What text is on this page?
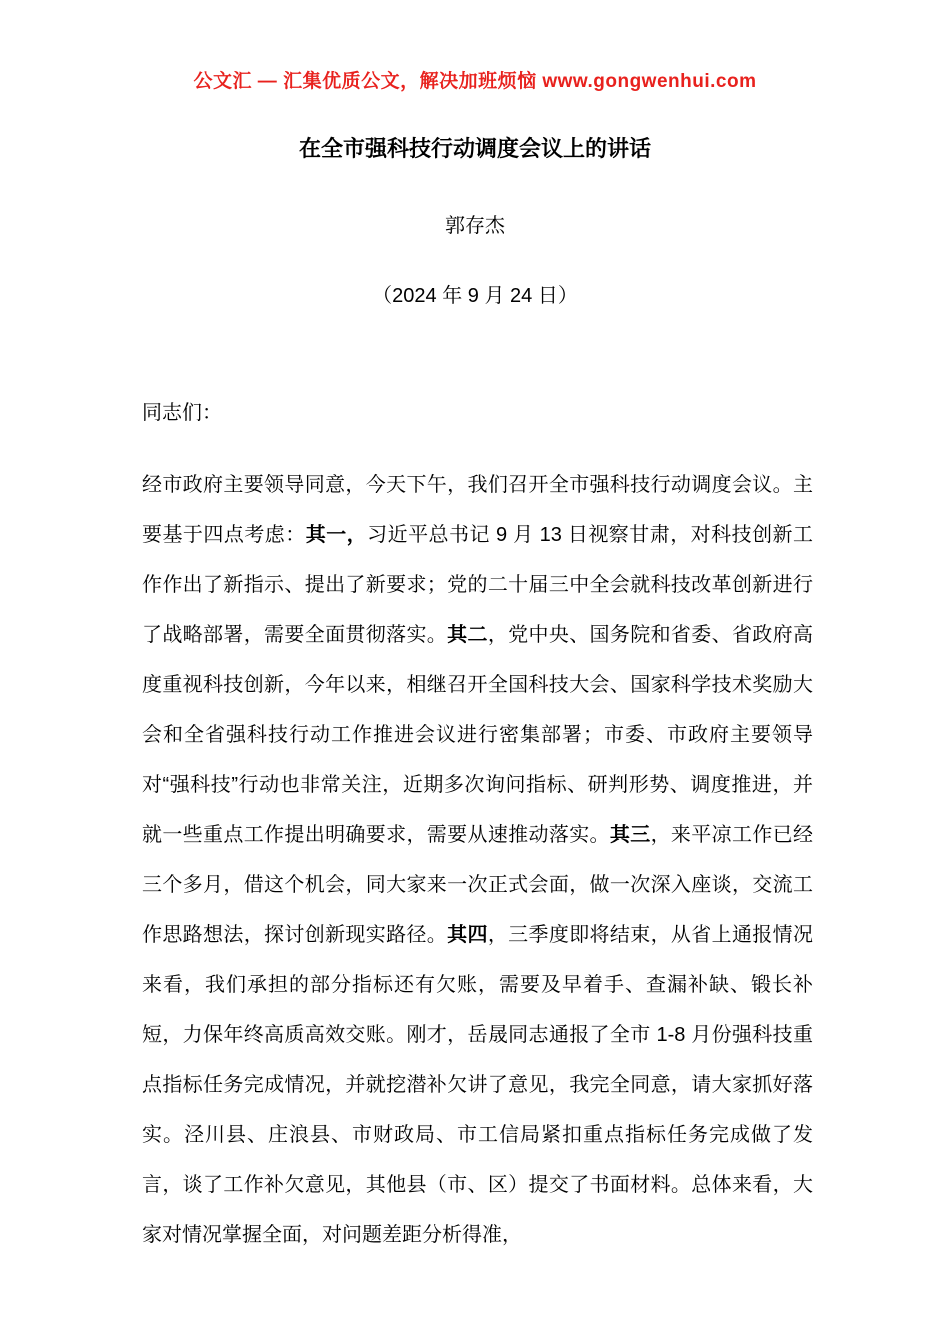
公文汇 — 汇集优质公文，解决加班烦恼 www.gongwenhui.com
在全市强科技行动调度会议上的讲话
郭存杰
（2024 年 9 月 24 日）

同志们：

经市政府主要领导同意，今天下午，我们召开全市强科技行动调度会议。主要基于四点考虑：其一，习近平总书记 9 月 13 日视察甘肃，对科技创新工作作出了新指示、提出了新要求；党的二十届三中全会就科技改革创新进行了战略部署，需要全面贯彻落实。其二，党中央、国务院和省委、省政府高度重视科技创新，今年以来，相继召开全国科技大会、国家科学技术奖励大会和全省强科技行动工作推进会议进行密集部署；市委、市政府主要领导对“强科技”行动也非常关注，近期多次询问指标、研判形势、调度推进，并就一些重点工作提出明确要求，需要从速推动落实。其三，来平凉工作已经三个多月，借这个机会，同大家来一次正式会面，做一次深入座谈，交流工作思路想法，探讨创新现实路径。其四，三季度即将结束，从省上通报情况来看，我们承担的部分指标还有欠账，需要及早着手、查漏补缺、锻长补短，力保年终高质高效交账。刚才，岳晟同志通报了全市 1-8 月份强科技重点指标任务完成情况，并就挖潜补欠讲了意见，我完全同意，请大家抓好落实。泾川县、庄浪县、市财政局、市工信局紧扣重点指标任务完成做了发言，谈了工作补欠意见，其他县（市、区）提交了书面材料。总体来看，大家对情况掌握全面，对问题差距分析得准，
